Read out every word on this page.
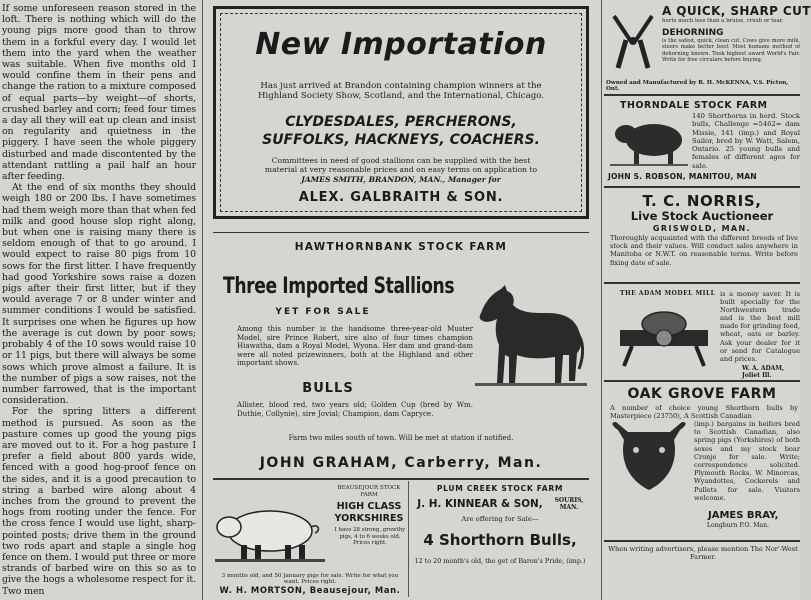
If some unforeseen reason stored in the loft. There is nothing which will do the young pigs more good than to throw them in a forkful every day. I would let them into the yard when the weather was suitable. When five months old I would confine them in their pens and change the ration to a mixture composed of equal parts—by weight—of shorts, crushed barley and corn; feed four times a day all they will eat up clean and insist on regularity and quietness in the piggery. I have seen the whole piggery disturbed and made discontented by the attendant rattling a pail half an hour after feeding.

At the end of six months they should weigh 180 or 200 lbs. I have sometimes had them weigh more than that when fed milk and good house slop right along, but when one is raising many there is seldom enough of that to go around. I would expect to raise 80 pigs from 10 sows for the first litter. I have frequently had good Yorkshire sows raise a dozen pigs after their first litter, but if they would average 7 or 8 under winter and summer conditions I would be satisfied. It surprises one when he figures up how the average is cut down by poor sows; probably 4 of the 10 sows would raise 10 or 11 pigs, but there will always be some sows which prove almost a failure. It is the number of pigs a sow raises, not the number farrowed, that is the important consideration.

For the spring litters a different method is pursued. As soon as the pasture comes up good the young pigs are moved out to it. For a hog pasture I prefer a field about 800 yards wide, fenced with a good hog-proof fence on the sides, and it is a good precaution to string a barbed wire along about 4 inches from the ground to prevent the hogs from rooting under the fence. For the cross fence I would use light, sharp-pointed posts; drive them in the ground two rods apart and staple a single hog fence on them. I would put three or more strands of barbed wire on this so as to give the hogs a wholesome respect for it. Two men

New Importation
Has just arrived at Brandon containing champion winners at the Highland Society Show, Scotland, and the International, Chicago.
CLYDESDALES, PERCHERONS,
SUFFOLKS, HACKNEYS, COACHERS.
Committees in need of good stallions can be supplied with the best material at very reasonable prices and on easy terms on application to
JAMES SMITH, BRANDON, MAN., Manager for
ALEX. GALBRAITH & SON.
HAWTHORNBANK STOCK FARM
Three Imported Stallions
YET FOR SALE
Among this number is the handsome three-year-old Muster Model, sire Prince Robert, sire also of four times champion Hiawatha, dam a Royal Model, Wyona. Her dam and grand-dam were all noted prizewinners, both at the Highland and other important shows.
BULLS
Allister, blood red, two years old; Golden Cup (bred by Wm. Duthie, Collynie), sire Jovial; Champion, dam Capryce.
Farm two miles south of town. Will be met at station if notified.
JOHN GRAHAM, Carberry, Man.
BEAUSEJOUR STOCK FARM
HIGH CLASS
YORKSHIRES
I have 28 strong, growthy pigs, 4 to 6 weeks old. Prices right.
3 months old, and 50 January pigs for sale. Write for what you want. Prices right.
W. H. MORTSON, Beausejour, Man.
PLUM CREEK STOCK FARM
J. H. KINNEAR & SON,	SOURIS, MAN.
Are offering for Sale—
4 Shorthorn Bulls,
12 to 20 month's old, the get of Baron's Pride, (imp.)
A QUICK, SHARP CUT
hurts much less than a bruise, crush or tear.
DEHORNING
is the safest, quick, clean cut. Cows give more milk, steers make better beef. Most humane method of dehorning known. Took highest award World's Fair. Write for free circulars before buying.
Owned and Manufactured by R. H. McKENNA, V.S. Picton, Ont.
THORNDALE STOCK FARM
140 Shorthorns in herd. Stock bulls, Challenge =5462= dam Missie, 141 (imp.) and Royal Sailor, bred by W. Watt, Salem, Ontario. 25 young bulls and females of different ages for sale.
JOHN S. ROBSON, MANITOU, MAN
T. C. NORRIS,
Live Stock Auctioneer
GRISWOLD, MAN.
Thoroughly acquainted with the different breeds of live stock and their values. Will conduct sales anywhere in Manitoba or N.W.T. on reasonable terms. Write before fixing date of sale.
THE ADAM MODEL MILL is a money saver. It is built specially for the Northwestern trade and is the best mill made for grinding feed, wheat, oats or barley. Ask your dealer for it or send for Catalogue and prices.
W. A. ADAM, Joliet Ill.
OAK GROVE FARM
A number of choice young Shorthorn bulls by Masterpiece (23750), A Scottish Canadian
(imp.) bargains in heifers bred to Scottish Canadian, also spring pigs (Yorkshires) of both sexes and my stock boar Cronje for sale. Write; correspondence solicited. Plymouth Rocks, W. Minorcas, Wyandottes, Cockerels and Pullets for sale. Visitors welcome.
JAMES BRAY,
Longburn P.O. Man.
When writing advertisers, please mention The Nor'-West Farmer.
